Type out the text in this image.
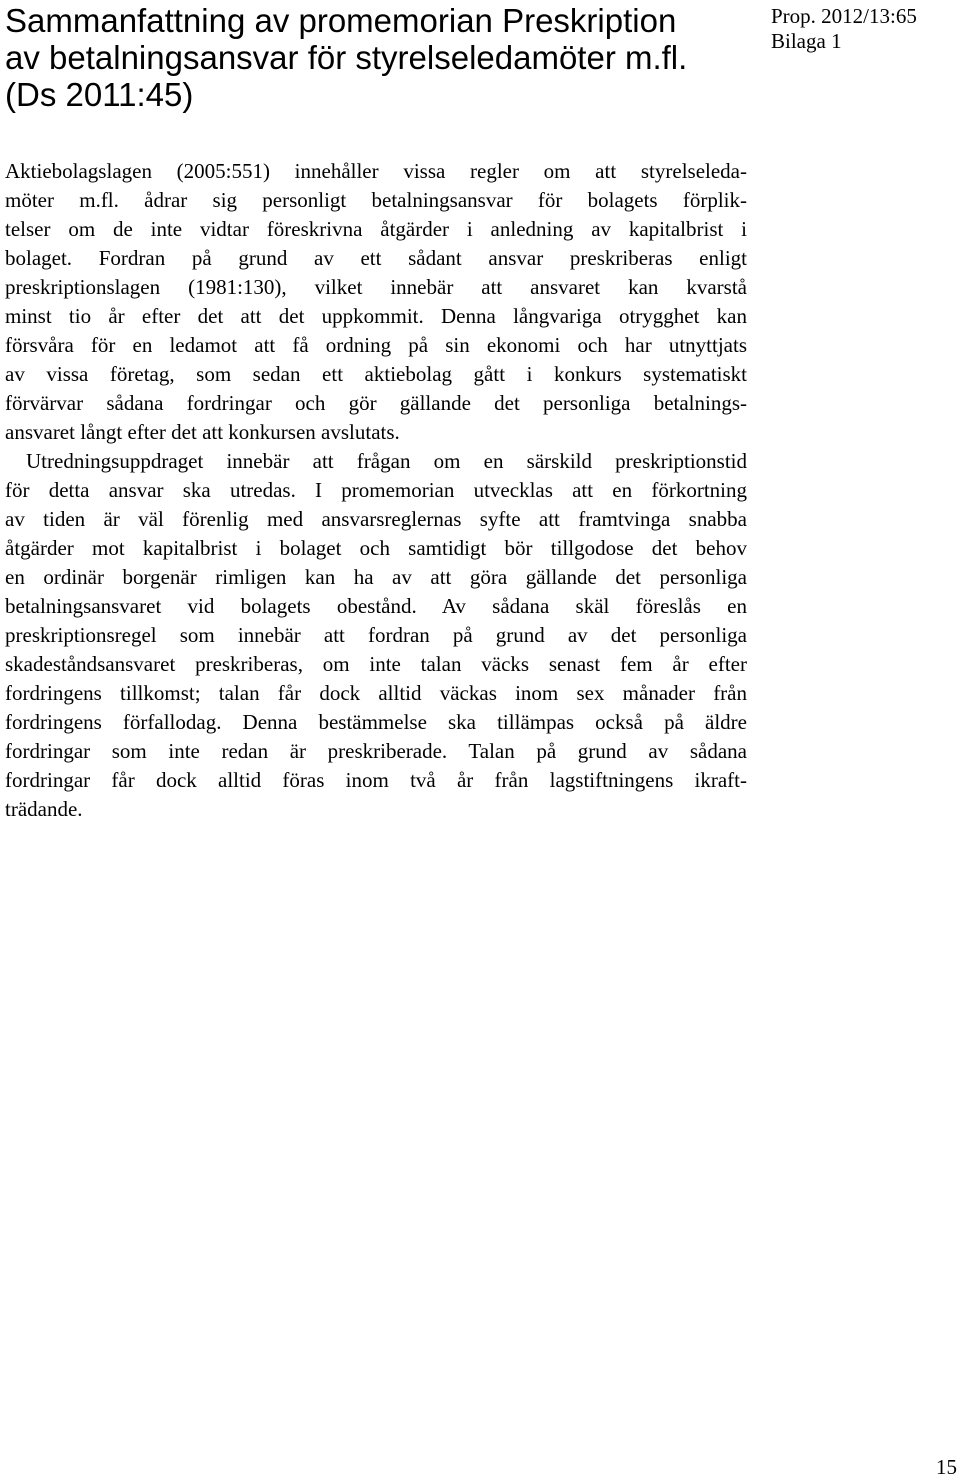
Sammanfattning av promemorian Preskription
av betalningsansvar för styrelseledamöter m.fl.
(Ds 2011:45)
Prop. 2012/13:65
Bilaga 1
Aktiebolagslagen (2005:551) innehåller vissa regler om att styrelseleda-
möter m.fl. ådrar sig personligt betalningsansvar för bolagets förplik-
telser om de inte vidtar föreskrivna åtgärder i anledning av kapitalbrist i
bolaget. Fordran på grund av ett sådant ansvar preskriberas enligt
preskriptionslagen (1981:130), vilket innebär att ansvaret kan kvarstå
minst tio år efter det att det uppkommit. Denna långvariga otrygghet kan
försvåra för en ledamot att få ordning på sin ekonomi och har utnyttjats
av vissa företag, som sedan ett aktiebolag gått i konkurs systematiskt
förvärvar sådana fordringar och gör gällande det personliga betalnings-
ansvaret långt efter det att konkursen avslutats.
Utredningsuppdraget innebär att frågan om en särskild preskriptionstid
för detta ansvar ska utredas. I promemorian utvecklas att en förkortning
av tiden är väl förenlig med ansvarsreglernas syfte att framtvinga snabba
åtgärder mot kapitalbrist i bolaget och samtidigt bör tillgodose det behov
en ordinär borgenär rimligen kan ha av att göra gällande det personliga
betalningsansvaret vid bolagets obestånd. Av sådana skäl föreslås en
preskriptionsregel som innebär att fordran på grund av det personliga
skadeståndsansvaret preskriberas, om inte talan väcks senast fem år efter
fordringens tillkomst; talan får dock alltid väckas inom sex månader från
fordringens förfallodag. Denna bestämmelse ska tillämpas också på äldre
fordringar som inte redan är preskriberade. Talan på grund av sådana
fordringar får dock alltid föras inom två år från lagstiftningens ikraft-
trädande.
15
